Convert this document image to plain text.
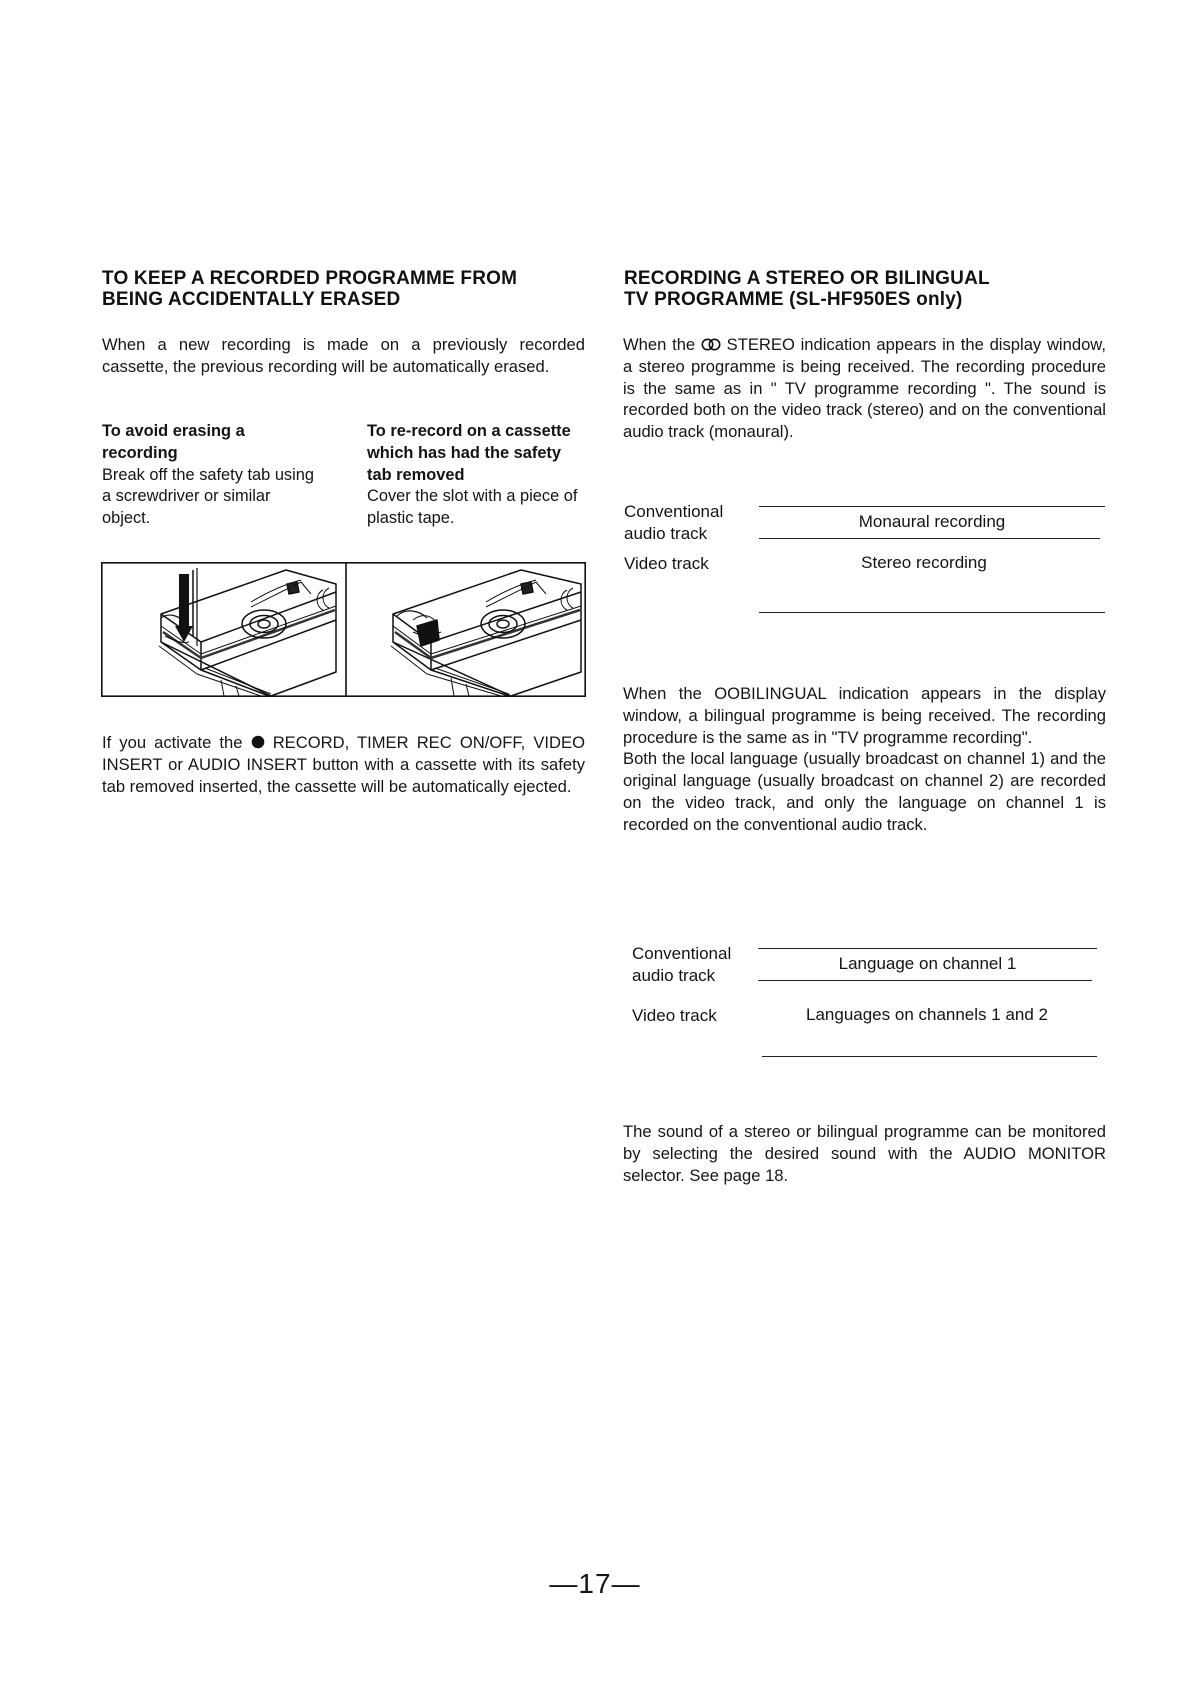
TO KEEP A RECORDED PROGRAMME FROM
BEING ACCIDENTALLY ERASED
When a new recording is made on a previously recorded cassette, the previous recording will be automatically erased.
To avoid erasing a recording
Break off the safety tab using a screwdriver or similar object.
To re-record on a cassette which has had the safety tab removed
Cover the slot with a piece of plastic tape.
If you activate the RECORD, TIMER REC ON/OFF, VIDEO INSERT or AUDIO INSERT button with a cassette with its safety tab removed inserted, the cassette will be automatically ejected.
RECORDING A STEREO OR BILINGUAL
TV PROGRAMME (SL-HF950ES only)
When the STEREO indication appears in the display window, a stereo programme is being received. The recording procedure is the same as in " TV programme recording ". The sound is recorded both on the video track (stereo) and on the conventional audio track (monaural).
Conventional
audio track
Monaural recording
Video track	Stereo recording

When the OOBILINGUAL indication appears in the display window, a bilingual programme is being received. The recording procedure is the same as in "TV programme recording".

Both the local language (usually broadcast on channel 1) and the original language (usually broadcast on channel 2) are recorded on the video track, and only the language on channel 1 is recorded on the conventional audio track.

Conventional
audio track
Language on channel 1
Video track	Languages on channels 1 and 2
The sound of a stereo or bilingual programme can be monitored by selecting the desired sound with the AUDIO MONITOR selector. See page 18.
—17—
